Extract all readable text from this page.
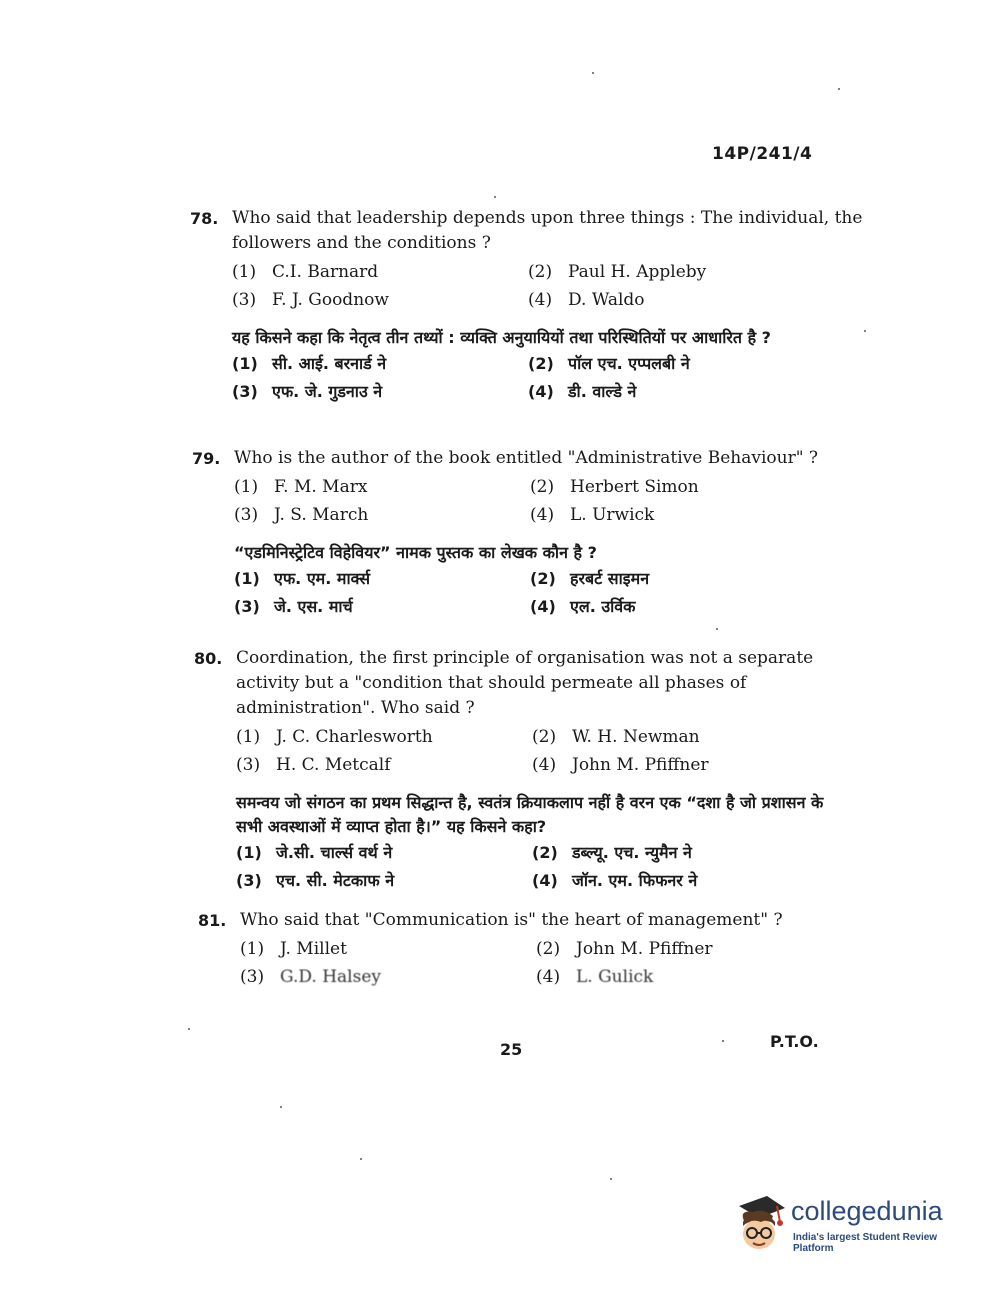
14P/241/4
78. Who said that leadership depends upon three things : The individual, the followers and the conditions ?

(1) C.I. Barnard	(2) Paul H. Appleby
(3) F. J. Goodnow	(4) D. Waldo
यह किसने कहा कि नेतृत्व तीन तथ्यों : व्यक्ति अनुयायियों तथा परिस्थितियों पर आधारित है ?
(1) सी. आई. बरनार्ड ने	(2) पॉल एच. एप्पलबी ने
(3) एफ. जे. गुडनाउ ने	(4) डी. वाल्डे ने
79. Who is the author of the book entitled "Administrative Behaviour" ?

(1) F. M. Marx	(2) Herbert Simon
(3) J. S. March	(4) L. Urwick
“एडमिनिस्ट्रेटिव विहेवियर” नामक पुस्तक का लेखक कौन है ?
(1) एफ. एम. मार्क्स	(2) हरबर्ट साइमन
(3) जे. एस. मार्च	(4) एल. उर्विक
80. Coordination, the first principle of organisation was not a separate activity but a "condition that should permeate all phases of administration". Who said ?

(1) J. C. Charlesworth	(2) W. H. Newman
(3) H. C. Metcalf	(4) John M. Pfiffner
समन्वय जो संगठन का प्रथम सिद्धान्त है, स्वतंत्र क्रियाकलाप नहीं है वरन एक “दशा है जो प्रशासन के सभी अवस्थाओं में व्याप्त होता है।” यह किसने कहा?
(1) जे.सी. चार्ल्स वर्थ ने	(2) डब्ल्यू. एच. न्युमैन ने
(3) एच. सी. मेटकाफ ने	(4) जॉन. एम. फिफनर ने
81. Who said that "Communication is" the heart of management" ?

(1) J. Millet	(2) John M. Pfiffner
(3) G.D. Halsey	(4) L. Gulick
25	P.T.O.
collegedunia
India's largest Student Review Platform
